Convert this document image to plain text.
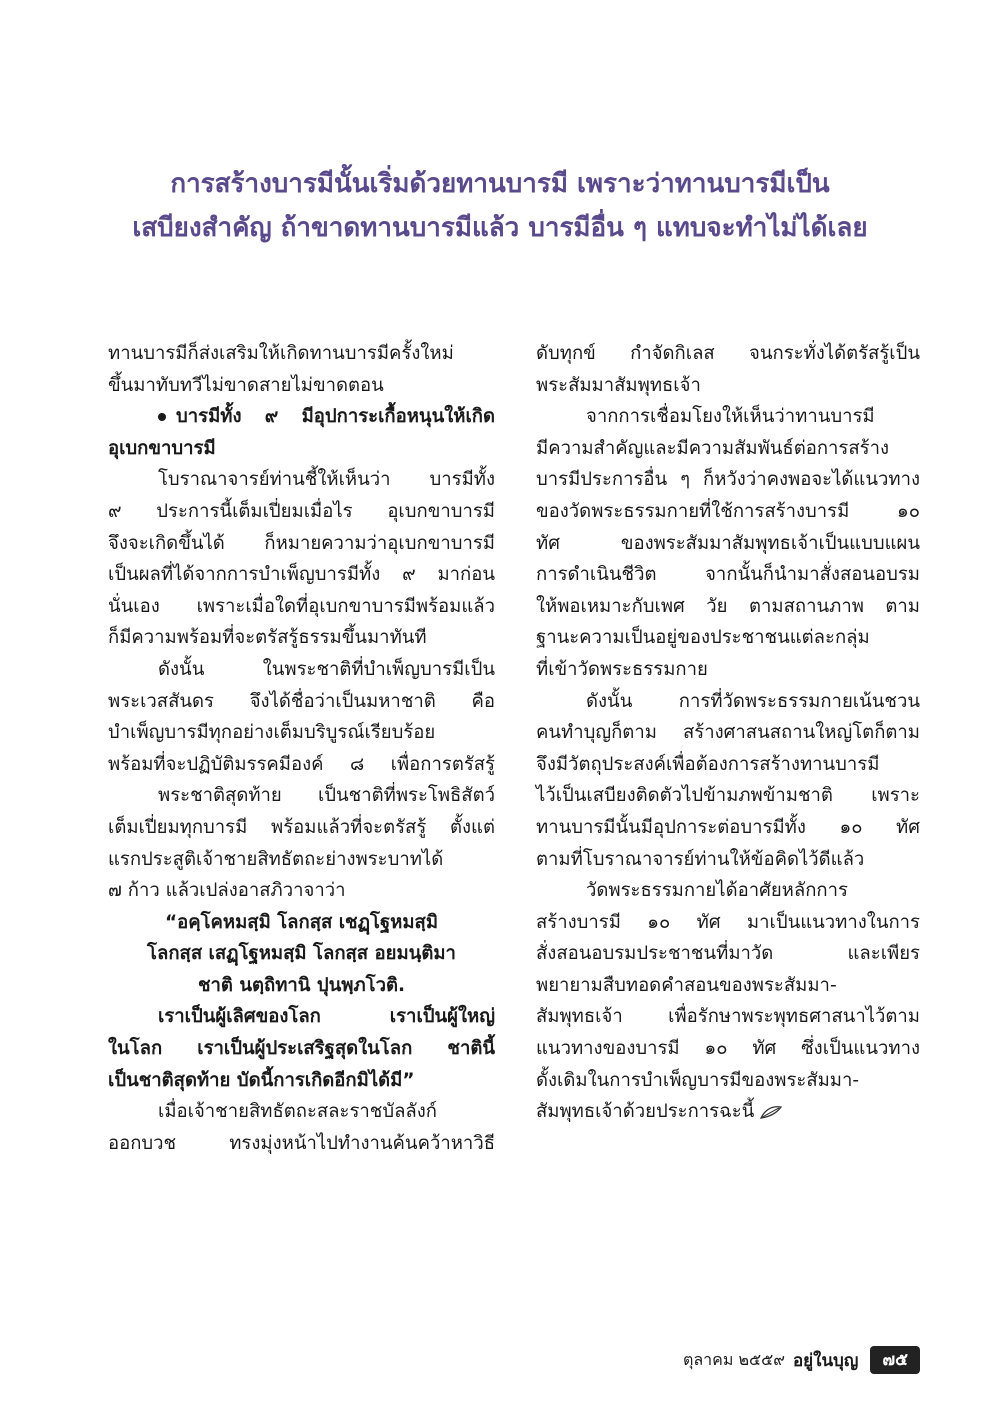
การสร้างบารมีนั้นเริ่มด้วยทานบารมี เพราะว่าทานบารมีเป็น
เสบียงสำคัญ ถ้าขาดทานบารมีแล้ว บารมีอื่น ๆ แทบจะทำไม่ได้เลย
ทานบารมีก็ส่งเสริมให้เกิดทานบารมีครั้งใหม่
ขึ้นมาทับทวีไม่ขาดสายไม่ขาดตอน
บารมีทั้ง ๙ มีอุปการะเกื้อหนุนให้เกิด
อุเบกขาบารมี
โบราณาจารย์ท่านชี้ให้เห็นว่า บารมีทั้ง
๙ ประการนี้เต็มเปี่ยมเมื่อไร อุเบกขาบารมี
จึงจะเกิดขึ้นได้ ก็หมายความว่าอุเบกขาบารมี
เป็นผลที่ได้จากการบำเพ็ญบารมีทั้ง ๙ มาก่อน
นั่นเอง เพราะเมื่อใดที่อุเบกขาบารมีพร้อมแล้ว
ก็มีความพร้อมที่จะตรัสรู้ธรรมขึ้นมาทันที
ดังนั้น ในพระชาติที่บำเพ็ญบารมีเป็น
พระเวสสันดร จึงได้ชื่อว่าเป็นมหาชาติ คือ
บำเพ็ญบารมีทุกอย่างเต็มบริบูรณ์เรียบร้อย
พร้อมที่จะปฏิบัติมรรคมีองค์ ๘ เพื่อการตรัสรู้
พระชาติสุดท้าย เป็นชาติที่พระโพธิสัตว์
เต็มเปี่ยมทุกบารมี พร้อมแล้วที่จะตรัสรู้ ตั้งแต่
แรกประสูติเจ้าชายสิทธัตถะย่างพระบาทได้
๗ ก้าว แล้วเปล่งอาสภิวาจาว่า
“อคฺโคหมสฺมิ โลกสฺส เชฏฺโฐหมสฺมิ
โลกสฺส เสฏฺโฐหมสฺมิ โลกสฺส อยมนฺติมา
ชาติ นตฺถิทานิ ปุนพฺภโวติ.
เราเป็นผู้เลิศของโลก เราเป็นผู้ใหญ่
ในโลก เราเป็นผู้ประเสริฐสุดในโลก ชาตินี้
เป็นชาติสุดท้าย บัดนี้การเกิดอีกมิได้มี”
เมื่อเจ้าชายสิทธัตถะสละราชบัลลังก์
ออกบวช ทรงมุ่งหน้าไปทำงานค้นคว้าหาวิธี
ดับทุกข์ กำจัดกิเลส จนกระทั่งได้ตรัสรู้เป็น
พระสัมมาสัมพุทธเจ้า
จากการเชื่อมโยงให้เห็นว่าทานบารมี
มีความสำคัญและมีความสัมพันธ์ต่อการสร้าง
บารมีประการอื่น ๆ ก็หวังว่าคงพอจะได้แนวทาง
ของวัดพระธรรมกายที่ใช้การสร้างบารมี ๑๐
ทัศ ของพระสัมมาสัมพุทธเจ้าเป็นแบบแผน
การดำเนินชีวิต จากนั้นก็นำมาสั่งสอนอบรม
ให้พอเหมาะกับเพศ วัย ตามสถานภาพ ตาม
ฐานะความเป็นอยู่ของประชาชนแต่ละกลุ่ม
ที่เข้าวัดพระธรรมกาย
ดังนั้น การที่วัดพระธรรมกายเน้นชวน
คนทำบุญก็ตาม สร้างศาสนสถานใหญ่โตก็ตาม
จึงมีวัตถุประสงค์เพื่อต้องการสร้างทานบารมี
ไว้เป็นเสบียงติดตัวไปข้ามภพข้ามชาติ เพราะ
ทานบารมีนั้นมีอุปการะต่อบารมีทั้ง ๑๐ ทัศ
ตามที่โบราณาจารย์ท่านให้ข้อคิดไว้ดีแล้ว
วัดพระธรรมกายได้อาศัยหลักการ
สร้างบารมี ๑๐ ทัศ มาเป็นแนวทางในการ
สั่งสอนอบรมประชาชนที่มาวัด และเพียร
พยายามสืบทอดคำสอนของพระสัมมา-
สัมพุทธเจ้า เพื่อรักษาพระพุทธศาสนาไว้ตาม
แนวทางของบารมี ๑๐ ทัศ ซึ่งเป็นแนวทาง
ดั้งเดิมในการบำเพ็ญบารมีของพระสัมมา-
สัมพุทธเจ้าด้วยประการฉะนี้
ตุลาคม ๒๕๕๙ อยู่ในบุญ	๗๕
